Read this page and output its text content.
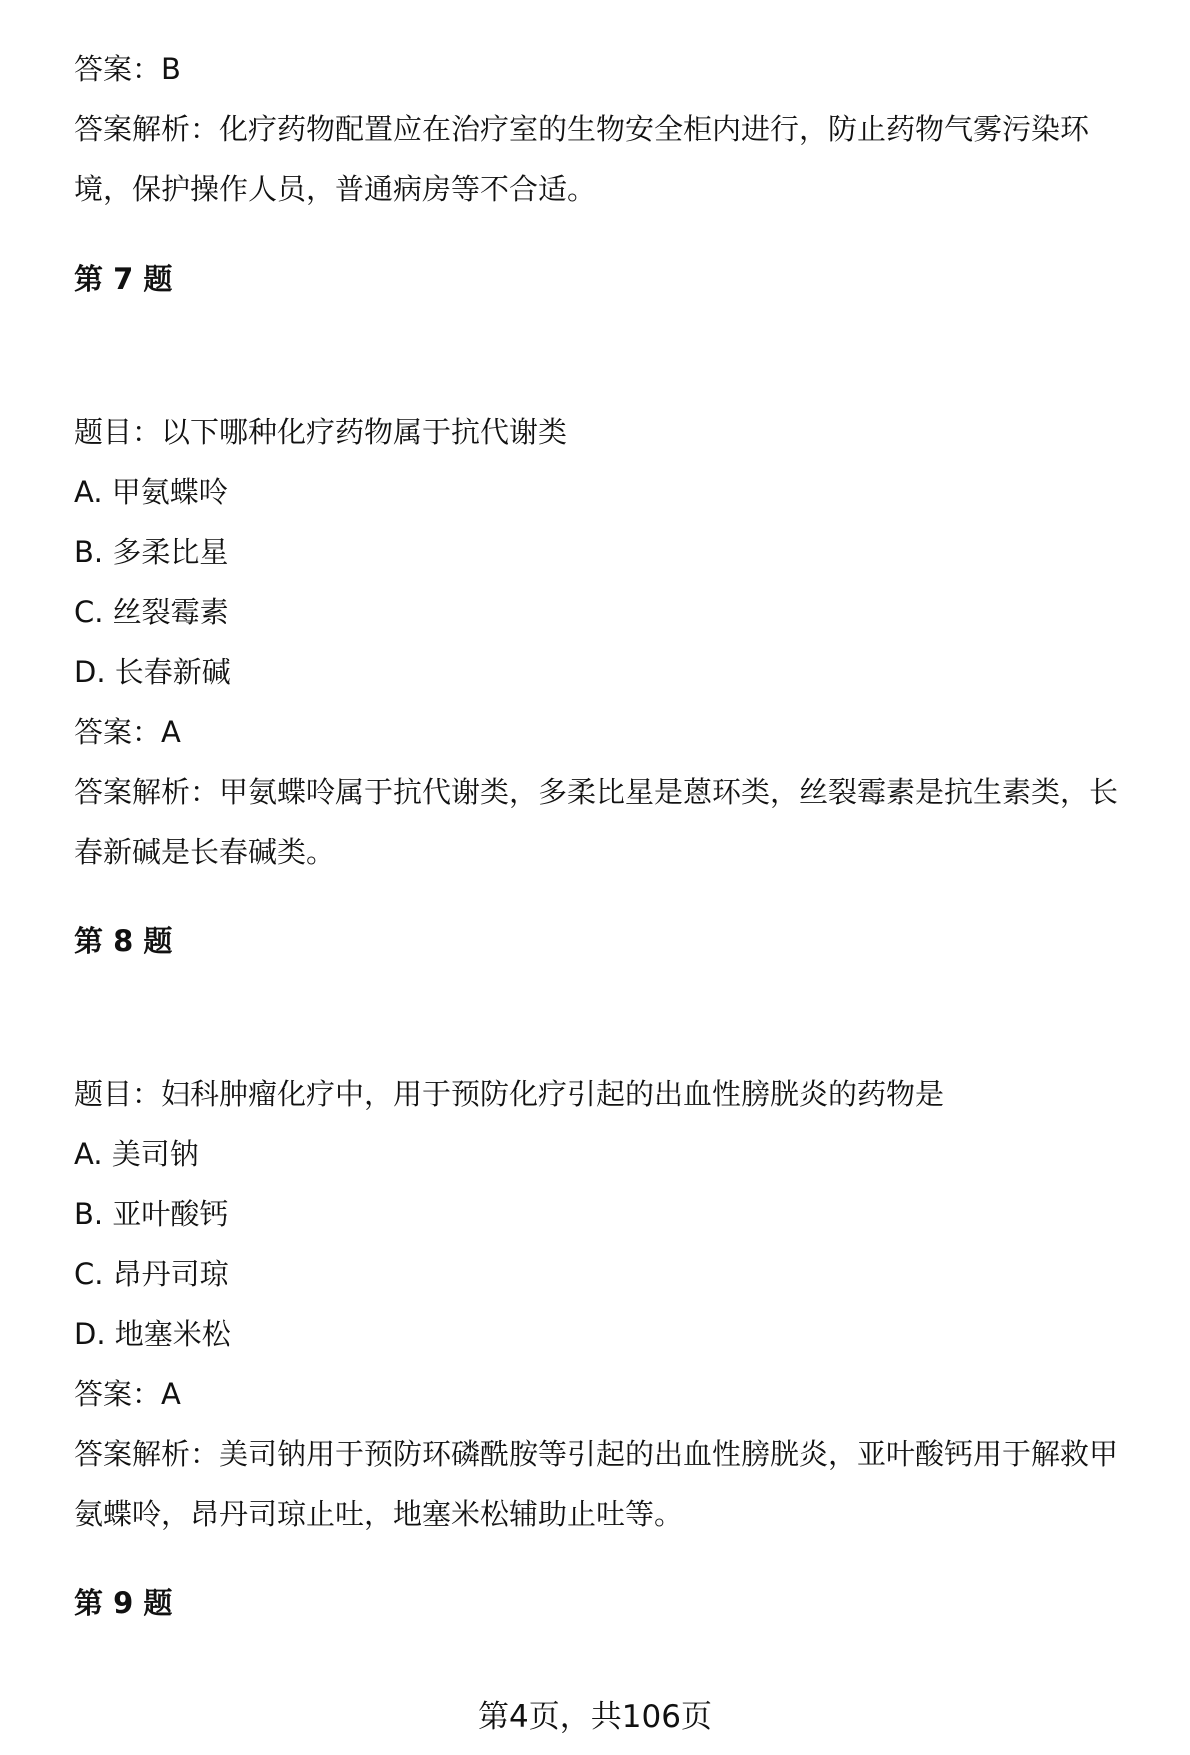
答案：B
答案解析：化疗药物配置应在治疗室的生物安全柜内进行，防止药物气雾污染环
境，保护操作人员，普通病房等不合适。
第 7 题
题目：以下哪种化疗药物属于抗代谢类
A. 甲氨蝶呤
B. 多柔比星
C. 丝裂霉素
D. 长春新碱
答案：A
答案解析：甲氨蝶呤属于抗代谢类，多柔比星是蒽环类，丝裂霉素是抗生素类，长
春新碱是长春碱类。
第 8 题
题目：妇科肿瘤化疗中，用于预防化疗引起的出血性膀胱炎的药物是
A. 美司钠
B. 亚叶酸钙
C. 昂丹司琼
D. 地塞米松
答案：A
答案解析：美司钠用于预防环磷酰胺等引起的出血性膀胱炎，亚叶酸钙用于解救甲
氨蝶呤，昂丹司琼止吐，地塞米松辅助止吐等。
第 9 题
第4页，共106页
